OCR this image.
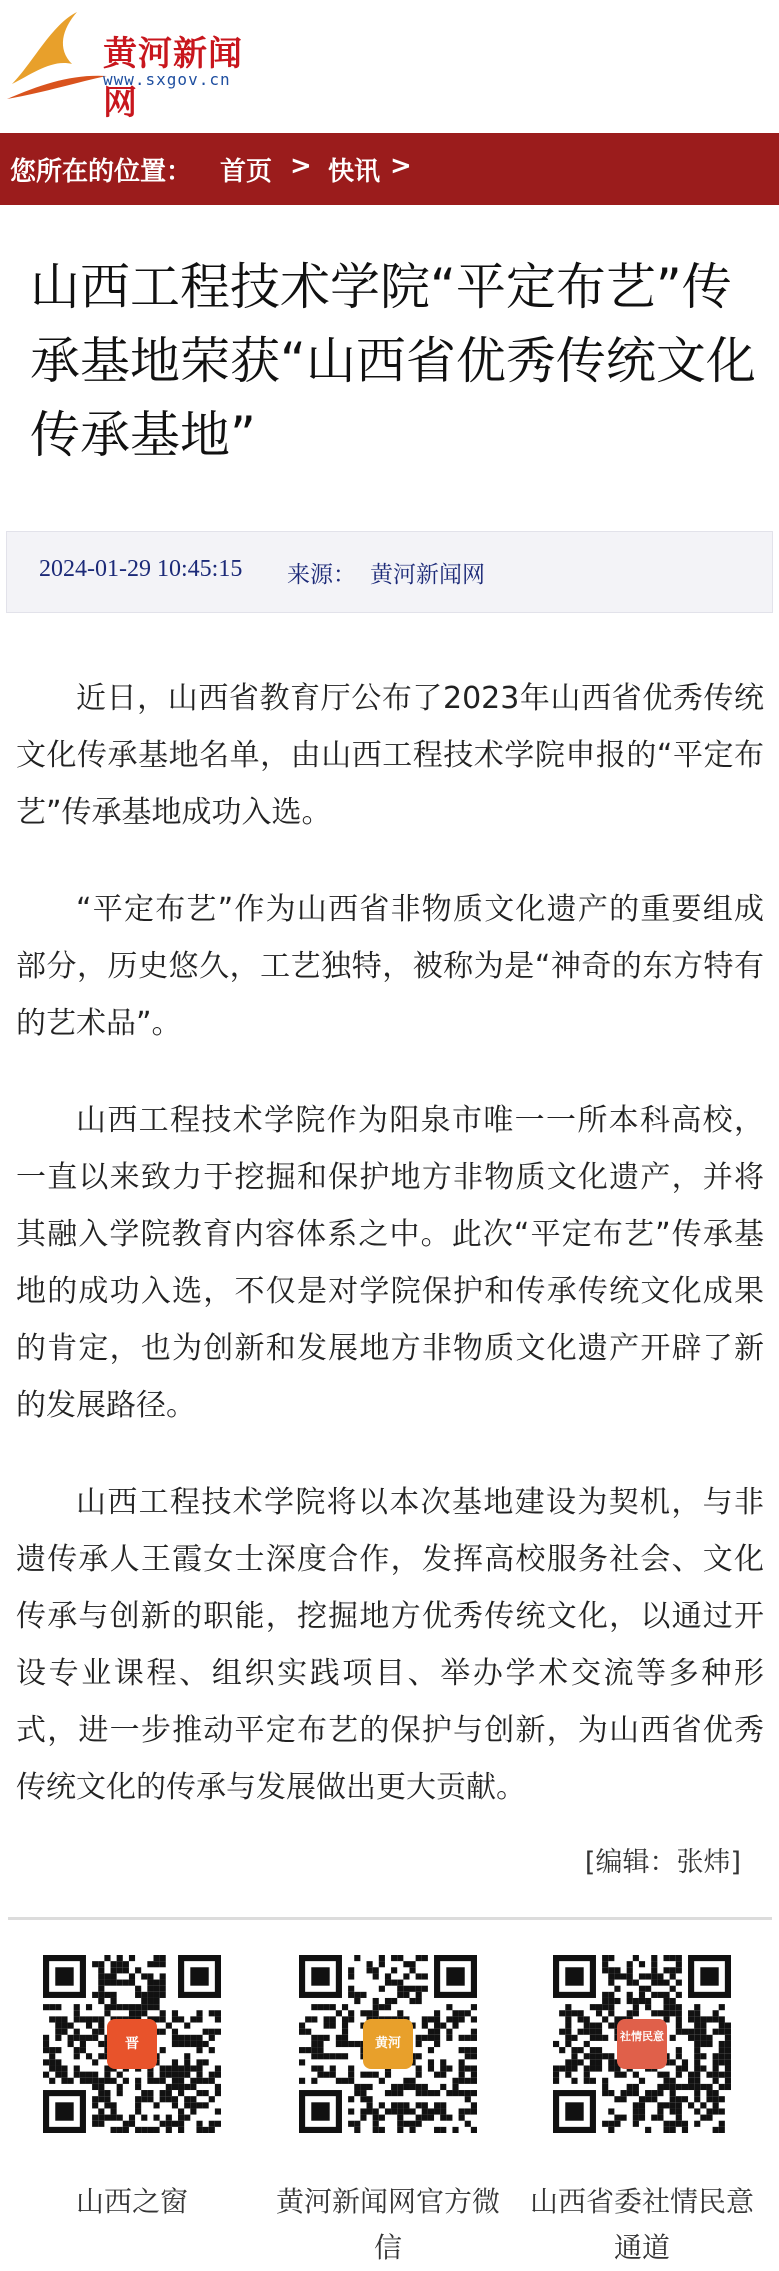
黄河新闻网
www.sxgov.cn
您所在的位置： 首页 > 快讯 >
山西工程技术学院“平定布艺”传承基地荣获“山西省优秀传统文化传承基地”
2024-01-29 10:45:15 来源： 黄河新闻网

近日，山西省教育厅公布了2023年山西省优秀传统文化传承基地名单，由山西工程技术学院申报的“平定布艺”传承基地成功入选。

“平定布艺”作为山西省非物质文化遗产的重要组成部分，历史悠久，工艺独特，被称为是“神奇的东方特有的艺术品”。

山西工程技术学院作为阳泉市唯一一所本科高校，一直以来致力于挖掘和保护地方非物质文化遗产，并将其融入学院教育内容体系之中。此次“平定布艺”传承基地的成功入选，不仅是对学院保护和传承传统文化成果的肯定，也为创新和发展地方非物质文化遗产开辟了新的发展路径。

山西工程技术学院将以本次基地建设为契机，与非遗传承人王霞女士深度合作，发挥高校服务社会、文化传承与创新的职能，挖掘地方优秀传统文化，以通过开设专业课程、组织实践项目、举办学术交流等多种形式，进一步推动平定布艺的保护与创新，为山西省优秀传统文化的传承与发展做出更大贡献。

[编辑：张炜]
晋
山西之窗
黄河
黄河新闻网官方微信
社情民意
山西省委社情民意通道
